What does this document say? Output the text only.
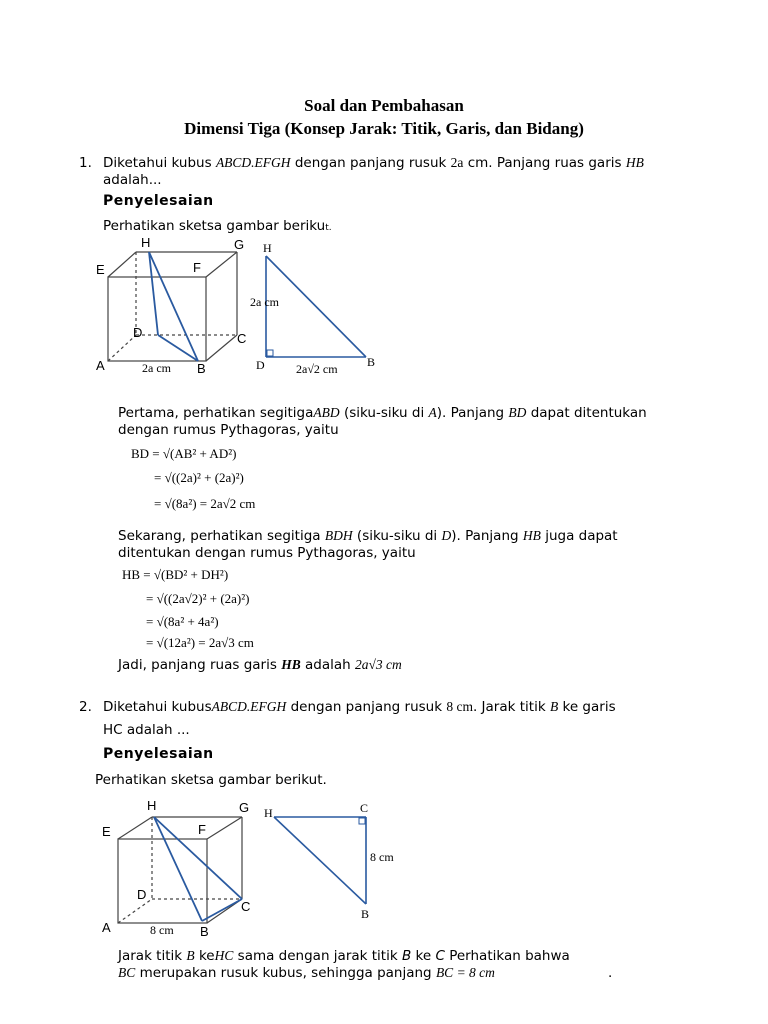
Soal dan Pembahasan
Dimensi Tiga (Konsep Jarak: Titik, Garis, dan Bidang)
1. Diketahui kubus ABCD.EFGH dengan panjang rusuk 2a cm. Panjang ruas garis HB
adalah...
Penyelesaian
Perhatikan sketsa gambar berikut.
H	G
E	F
D	C
A	B
2a cm
H
D	B
2a cm
2a√2 cm
Pertama, perhatikan segitigaABD (siku-siku di A). Panjang BD dapat ditentukan
dengan rumus Pythagoras, yaitu
BD = √(AB² + AD²)
= √((2a)² + (2a)²)
= √(8a²) = 2a√2 cm
Sekarang, perhatikan segitiga BDH (siku-siku di D). Panjang HB juga dapat
ditentukan dengan rumus Pythagoras, yaitu
HB = √(BD² + DH²)
= √((2a√2)² + (2a)²)
= √(8a² + 4a²)
= √(12a²) = 2a√3 cm
Jadi, panjang ruas garis HB adalah 2a√3 cm
2. Diketahui kubusABCD.EFGH dengan panjang rusuk 8 cm. Jarak titik B ke garis
HC adalah ...
Penyelesaian
Perhatikan sketsa gambar berikut.
H	G
E	F
D
C
A	B
8 cm
H	C
B
8 cm
Jarak titik B keHC sama dengan jarak titik B ke C Perhatikan bahwa
BC merupakan rusuk kubus, sehingga panjang BC = 8 cm	.
